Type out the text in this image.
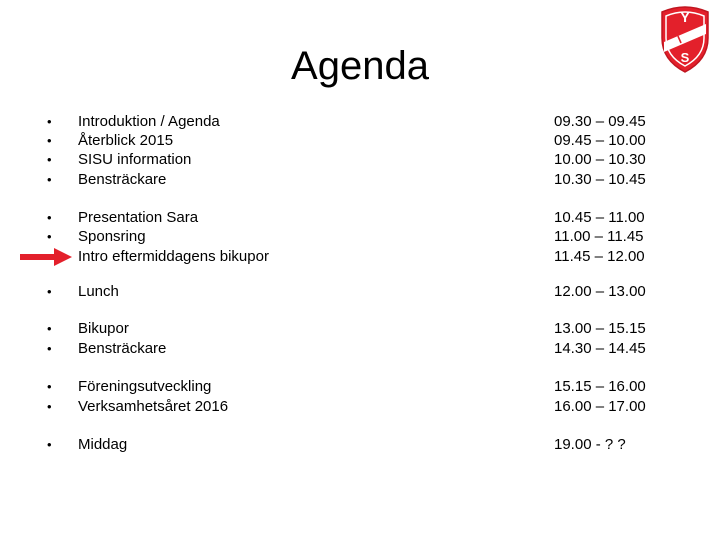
Agenda
Y
I
S
•	Introduktion / Agenda	09.30 – 09.45
•	Återblick 2015	09.45 – 10.00
•	SISU information	10.00 – 10.30
•	Bensträckare	10.30 – 10.45
•	Presentation Sara	10.45 – 11.00
•	Sponsring	11.00 – 11.45
Intro eftermiddagens bikupor	11.45 – 12.00
•	Lunch	12.00 – 13.00
•	Bikupor	13.00 – 15.15
•	Bensträckare	14.30 – 14.45
•	Föreningsutveckling	15.15 – 16.00
•	Verksamhetsåret 2016	16.00 – 17.00
•	Middag	19.00 - ? ?
